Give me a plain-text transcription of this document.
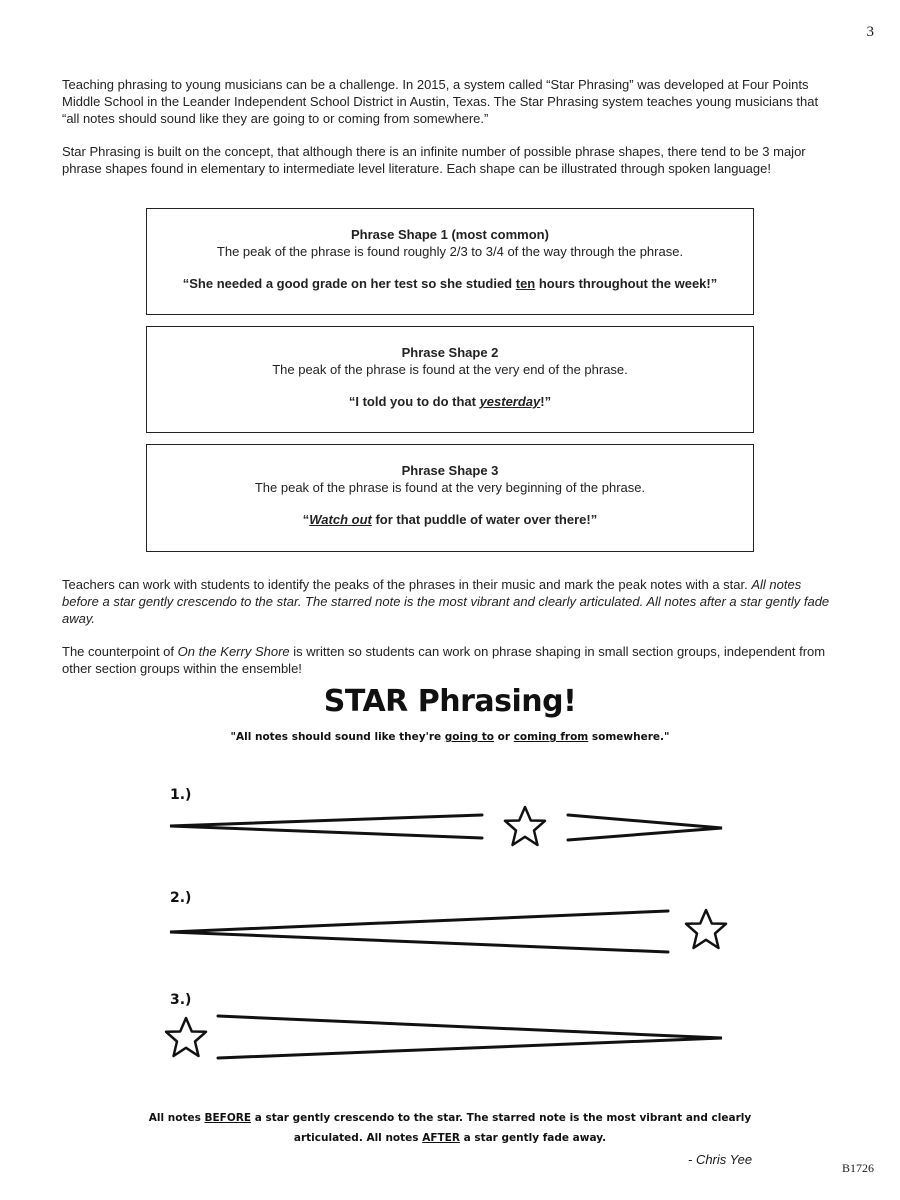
3

Teaching phrasing to young musicians can be a challenge. In 2015, a system called “Star Phrasing” was developed at Four Points Middle School in the Leander Independent School District in Austin, Texas. The Star Phrasing system teaches young musicians that “all notes should sound like they are going to or coming from somewhere.”

Star Phrasing is built on the concept, that although there is an infinite number of possible phrase shapes, there tend to be 3 major phrase shapes found in elementary to intermediate level literature. Each shape can be illustrated through spoken language!

Phrase Shape 1 (most common)
The peak of the phrase is found roughly 2/3 to 3/4 of the way through the phrase.
“She needed a good grade on her test so she studied ten hours throughout the week!”
Phrase Shape 2
The peak of the phrase is found at the very end of the phrase.
“I told you to do that yesterday!”
Phrase Shape 3
The peak of the phrase is found at the very beginning of the phrase.
“Watch out for that puddle of water over there!”

Teachers can work with students to identify the peaks of the phrases in their music and mark the peak notes with a star. All notes before a star gently crescendo to the star. The starred note is the most vibrant and clearly articulated. All notes after a star gently fade away.

The counterpoint of On the Kerry Shore is written so students can work on phrase shaping in small section groups, independent from other section groups within the ensemble!

STAR Phrasing!
"All notes should sound like they're going to or coming from somewhere."
1.)
2.)
3.)
All notes BEFORE a star gently crescendo to the star. The starred note is the most vibrant and clearly articulated. All notes AFTER a star gently fade away.
- Chris Yee
B1726
